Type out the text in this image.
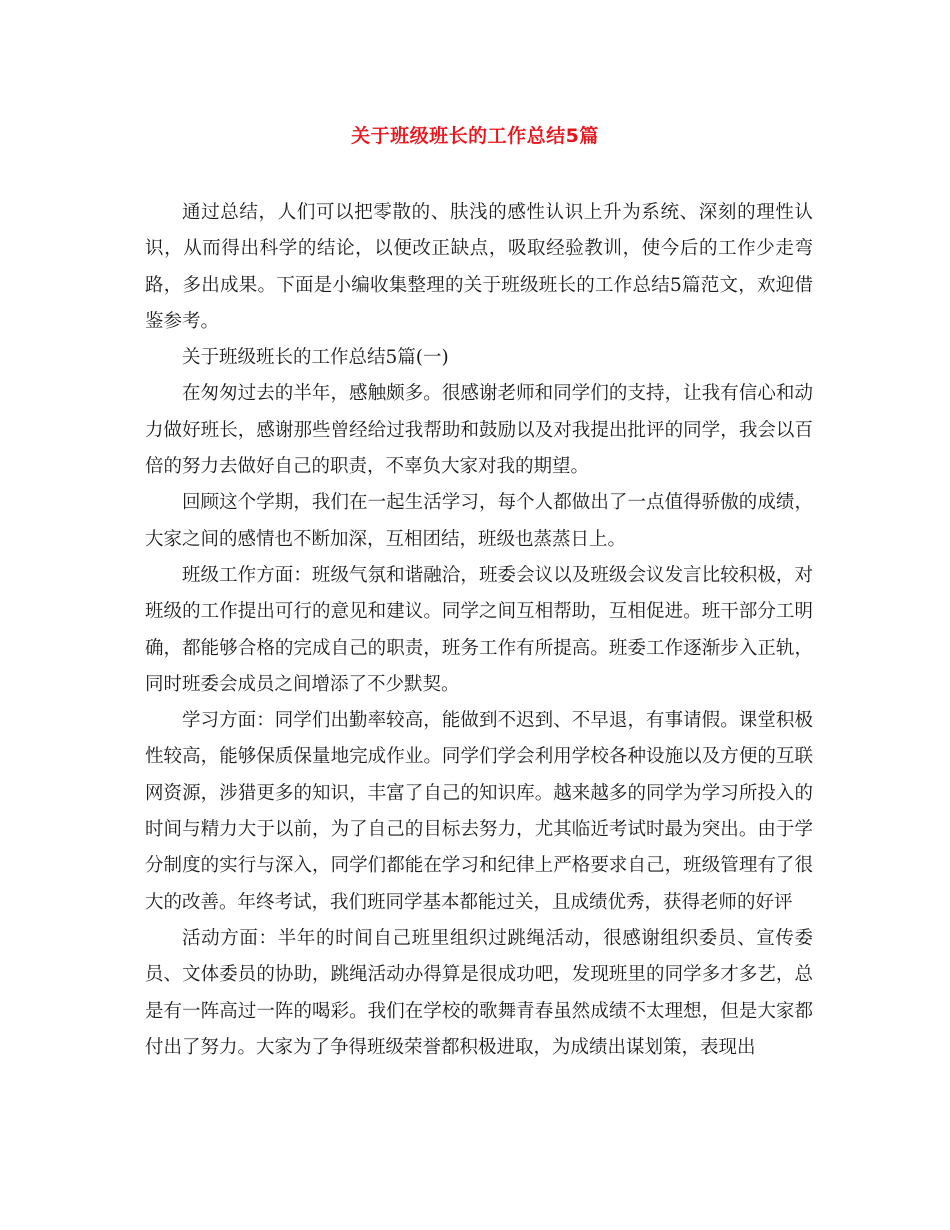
关于班级班长的工作总结5篇

通过总结，人们可以把零散的、肤浅的感性认识上升为系统、深刻的理性认识，从而得出科学的结论，以便改正缺点，吸取经验教训，使今后的工作少走弯路，多出成果。下面是小编收集整理的关于班级班长的工作总结5篇范文，欢迎借鉴参考。

关于班级班长的工作总结5篇(一)

在匆匆过去的半年，感触颇多。很感谢老师和同学们的支持，让我有信心和动力做好班长，感谢那些曾经给过我帮助和鼓励以及对我提出批评的同学，我会以百倍的努力去做好自己的职责，不辜负大家对我的期望。

回顾这个学期，我们在一起生活学习，每个人都做出了一点值得骄傲的成绩，大家之间的感情也不断加深，互相团结，班级也蒸蒸日上。

班级工作方面：班级气氛和谐融洽，班委会议以及班级会议发言比较积极，对班级的工作提出可行的意见和建议。同学之间互相帮助，互相促进。班干部分工明确，都能够合格的完成自己的职责，班务工作有所提高。班委工作逐渐步入正轨，同时班委会成员之间增添了不少默契。

学习方面：同学们出勤率较高，能做到不迟到、不早退，有事请假。课堂积极性较高，能够保质保量地完成作业。同学们学会利用学校各种设施以及方便的互联网资源，涉猎更多的知识，丰富了自己的知识库。越来越多的同学为学习所投入的时间与精力大于以前，为了自己的目标去努力，尤其临近考试时最为突出。由于学分制度的实行与深入，同学们都能在学习和纪律上严格要求自己，班级管理有了很大的改善。年终考试，我们班同学基本都能过关，且成绩优秀，获得老师的好评

活动方面：半年的时间自己班里组织过跳绳活动，很感谢组织委员、宣传委员、文体委员的协助，跳绳活动办得算是很成功吧，发现班里的同学多才多艺，总是有一阵高过一阵的喝彩。我们在学校的歌舞青春虽然成绩不太理想，但是大家都付出了努力。大家为了争得班级荣誉都积极进取，为成绩出谋划策，表现出
